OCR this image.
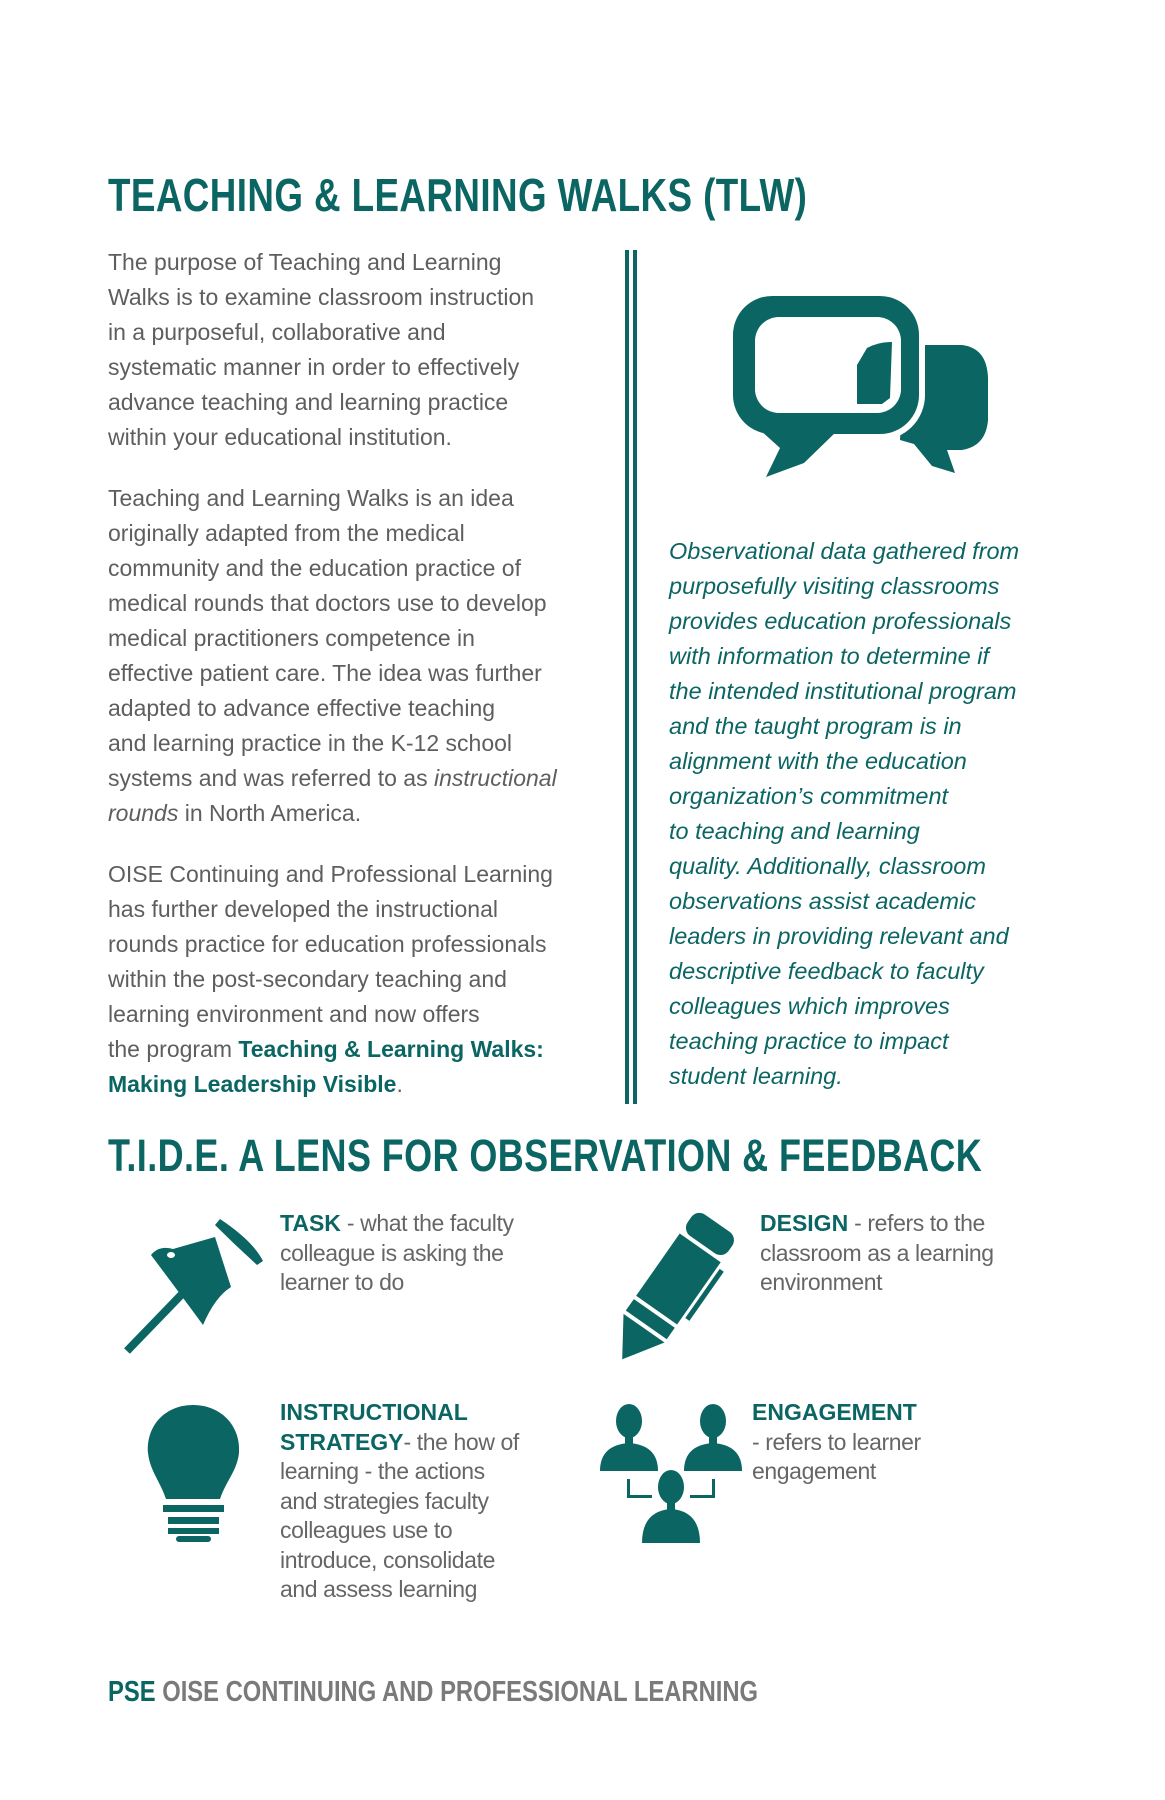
TEACHING & LEARNING WALKS (TLW)
The purpose of Teaching and Learning
Walks is to examine classroom instruction
in a purposeful, collaborative and
systematic manner in order to effectively
advance teaching and learning practice
within your educational institution.
Teaching and Learning Walks is an idea
originally adapted from the medical
community and the education practice of
medical rounds that doctors use to develop
medical practitioners competence in
effective patient care. The idea was further
adapted to advance effective teaching
and learning practice in the K-12 school
systems and was referred to as instructional
rounds in North America.
OISE Continuing and Professional Learning
has further developed the instructional
rounds practice for education professionals
within the post-secondary teaching and
learning environment and now offers
the program Teaching & Learning Walks:
Making Leadership Visible.
Observational data gathered from
purposefully visiting classrooms
provides education professionals
with information to determine if
the intended institutional program
and the taught program is in
alignment with the education
organization’s commitment
to teaching and learning
quality. Additionally, classroom
observations assist academic
leaders in providing relevant and
descriptive feedback to faculty
colleagues which improves
teaching practice to impact
student learning.
T.I.D.E. A LENS FOR OBSERVATION & FEEDBACK
TASK - what the faculty
colleague is asking the
learner to do
DESIGN - refers to the
classroom as a learning
environment
INSTRUCTIONAL
STRATEGY- the how of
learning - the actions
and strategies faculty
colleagues use to
introduce, consolidate
and assess learning
ENGAGEMENT
- refers to learner
engagement
PSE OISE CONTINUING AND PROFESSIONAL LEARNING
